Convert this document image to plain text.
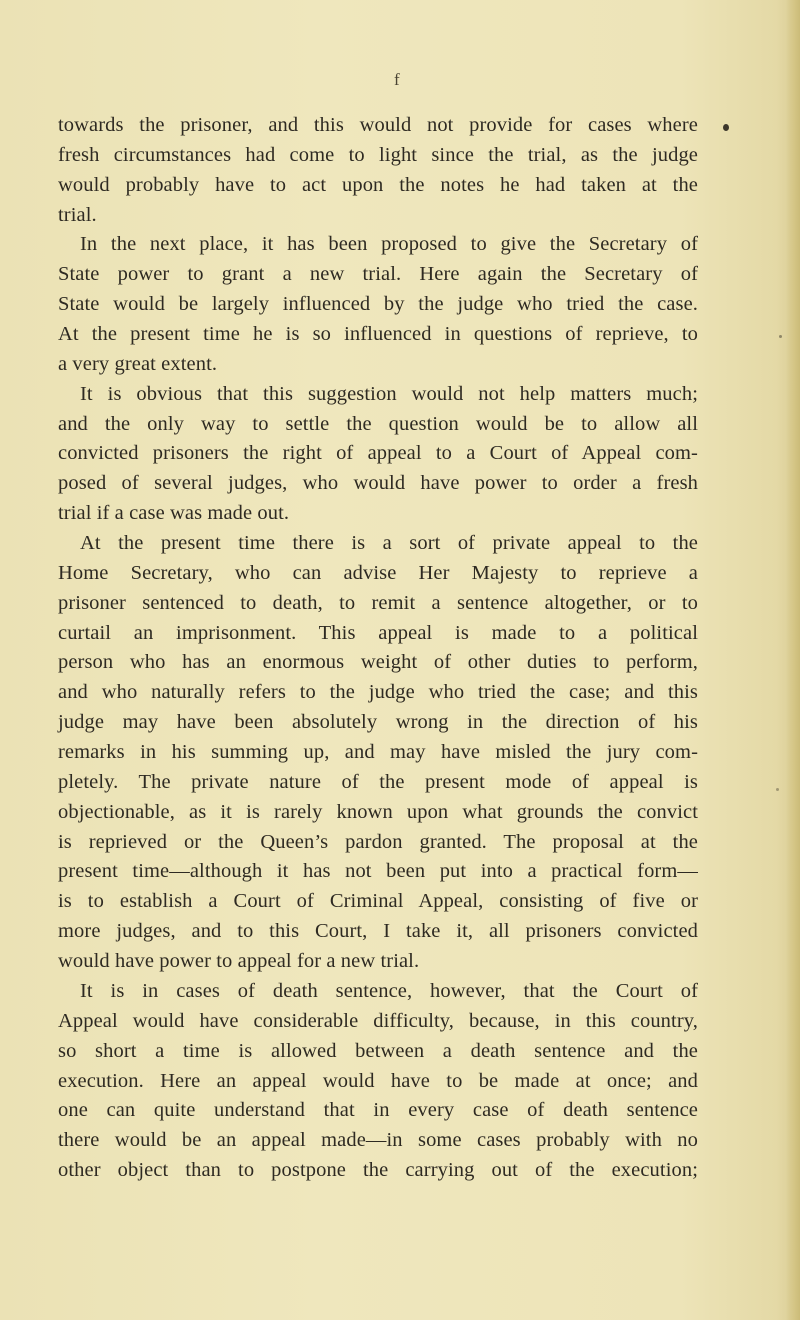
f
towards the prisoner, and this would not provide for cases where
fresh circumstances had come to light since the trial, as the judge
would probably have to act upon the notes he had taken at the
trial.
In the next place, it has been proposed to give the Secretary of
State power to grant a new trial. Here again the Secretary of
State would be largely influenced by the judge who tried the case.
At the present time he is so influenced in questions of reprieve, to
a very great extent.
It is obvious that this suggestion would not help matters much;
and the only way to settle the question would be to allow all
convicted prisoners the right of appeal to a Court of Appeal com-
posed of several judges, who would have power to order a fresh
trial if a case was made out.
At the present time there is a sort of private appeal to the
Home Secretary, who can advise Her Majesty to reprieve a
prisoner sentenced to death, to remit a sentence altogether, or to
curtail an imprisonment. This appeal is made to a political
person who has an enormous weight of other duties to perform,
and who naturally refers to the judge who tried the case; and this
judge may have been absolutely wrong in the direction of his
remarks in his summing up, and may have misled the jury com-
pletely. The private nature of the present mode of appeal is
objectionable, as it is rarely known upon what grounds the convict
is reprieved or the Queen’s pardon granted. The proposal at the
present time—although it has not been put into a practical form—
is to establish a Court of Criminal Appeal, consisting of five or
more judges, and to this Court, I take it, all prisoners convicted
would have power to appeal for a new trial.
It is in cases of death sentence, however, that the Court of
Appeal would have considerable difficulty, because, in this country,
so short a time is allowed between a death sentence and the
execution. Here an appeal would have to be made at once; and
one can quite understand that in every case of death sentence
there would be an appeal made—in some cases probably with no
other object than to postpone the carrying out of the execution;
